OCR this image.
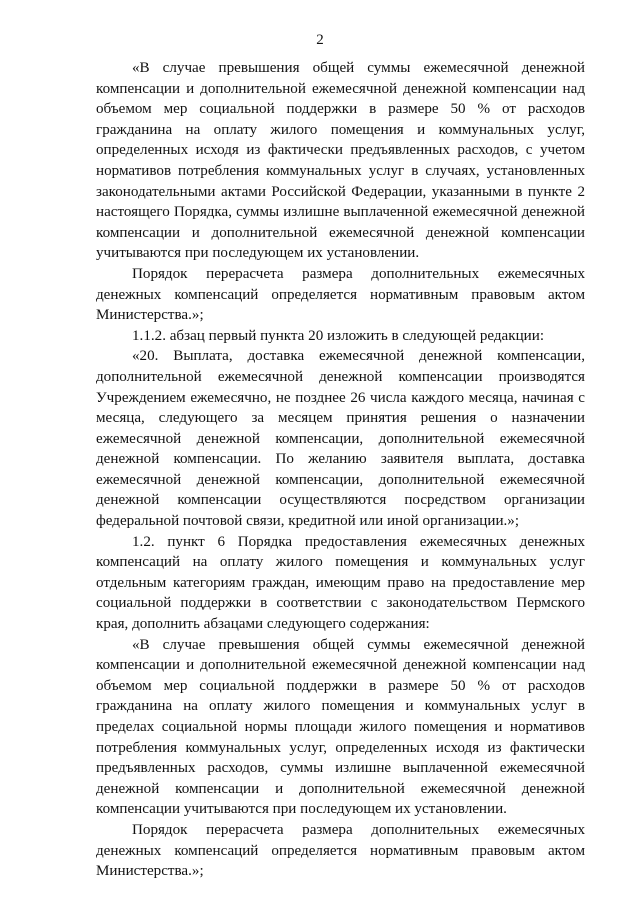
2

«В случае превышения общей суммы ежемесячной денежной компенсации и дополнительной ежемесячной денежной компенсации над объемом мер социальной поддержки в размере 50 % от расходов гражданина на оплату жилого помещения и коммунальных услуг, определенных исходя из фактически предъявленных расходов, с учетом нормативов потребления коммунальных услуг в случаях, установленных законодательными актами Российской Федерации, указанными в пункте 2 настоящего Порядка, суммы излишне выплаченной ежемесячной денежной компенсации и дополнительной ежемесячной денежной компенсации учитываются при последующем их установлении.

Порядок перерасчета размера дополнительных ежемесячных денежных компенсаций определяется нормативным правовым актом Министерства.»;

1.1.2. абзац первый пункта 20 изложить в следующей редакции:

«20. Выплата, доставка ежемесячной денежной компенсации, дополнительной ежемесячной денежной компенсации производятся Учреждением ежемесячно, не позднее 26 числа каждого месяца, начиная с месяца, следующего за месяцем принятия решения о назначении ежемесячной денежной компенсации, дополнительной ежемесячной денежной компенсации. По желанию заявителя выплата, доставка ежемесячной денежной компенсации, дополнительной ежемесячной денежной компенсации осуществляются посредством организации федеральной почтовой связи, кредитной или иной организации.»;

1.2. пункт 6 Порядка предоставления ежемесячных денежных компенсаций на оплату жилого помещения и коммунальных услуг отдельным категориям граждан, имеющим право на предоставление мер социальной поддержки в соответствии с законодательством Пермского края, дополнить абзацами следующего содержания:

«В случае превышения общей суммы ежемесячной денежной компенсации и дополнительной ежемесячной денежной компенсации над объемом мер социальной поддержки в размере 50 % от расходов гражданина на оплату жилого помещения и коммунальных услуг в пределах социальной нормы площади жилого помещения и нормативов потребления коммунальных услуг, определенных исходя из фактически предъявленных расходов, суммы излишне выплаченной ежемесячной денежной компенсации и дополнительной ежемесячной денежной компенсации учитываются при последующем их установлении.

Порядок перерасчета размера дополнительных ежемесячных денежных компенсаций определяется нормативным правовым актом Министерства.»;
